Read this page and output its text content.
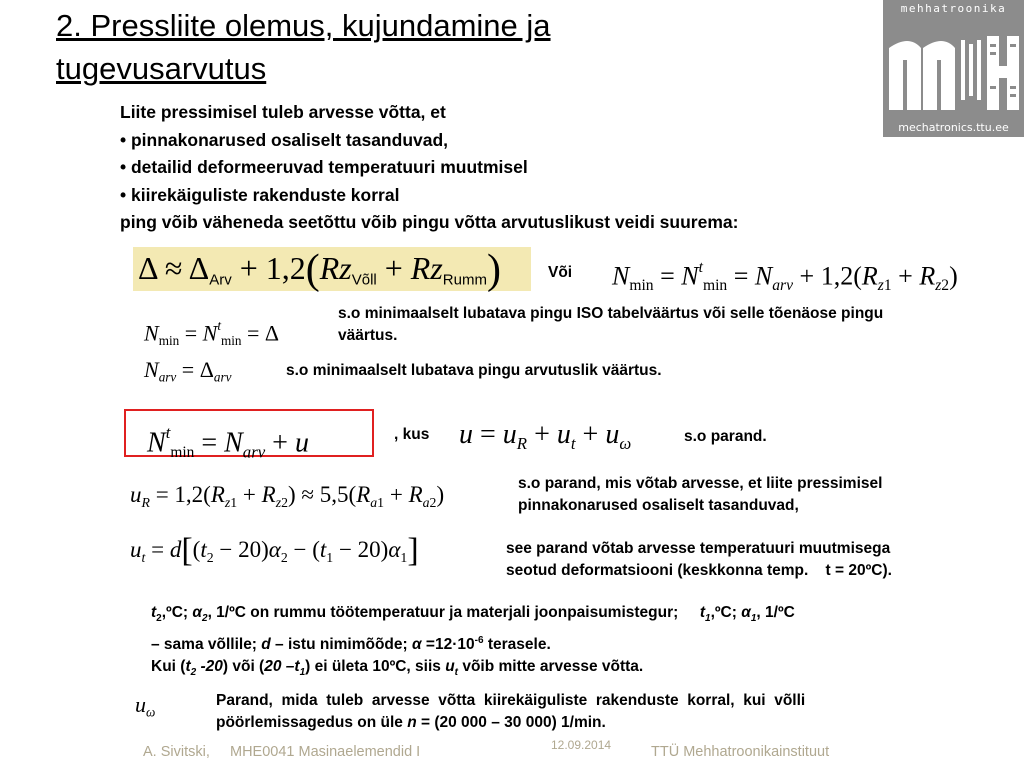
2. Pressliite olemus, kujundamine ja
tugevusarvutus
mehhatroonika
mechatronics.ttu.ee
Liite pressimisel tuleb arvesse võtta, et
• pinnakonarused osaliselt tasanduvad,
• detailid deformeeruvad temperatuuri muutmisel
• kiirekäiguliste rakenduste korral
ping võib väheneda seetõttu võib pingu võtta arvutuslikust veidi suurema:
$\Delta \approx \Delta_{Arv} + 1,2(Rz_{Võll} + Rz_{Rumm})$	Või $N_{min} = N^t_{min} = N_{arv} + 1,2(R_{z1} + R_{z2})$
$N_{min} = N^t_{min} = \Delta$
s.o minimaalselt lubatava pingu ISO tabelväärtus või selle tõenäose pingu väärtus.
$N_{arv} = \Delta_{arv}$	s.o minimaalselt lubatava pingu arvutuslik väärtus.
$N^t_{min} = N_{arv} + u$	, kus $u = u_R + u_t + u_\omega$	s.o parand.
$u_R = 1,2(R_{z1} + R_{z2}) \approx 5,5(R_{a1} + R_{a2})$	s.o parand, mis võtab arvesse, et liite pressimisel pinnakonarused osaliselt tasanduvad,
$u_t = d[(t_2 - 20)\alpha_2 - (t_1 - 20)\alpha_1]$	see parand võtab arvesse temperatuuri muutmisega
seotud deformatsiooni (keskkonna temp.    t = 20ºC).
$t_2,ºC$; $\alpha_2$, 1/ºC on rummu töötemperatuur ja materjali joonpaisumistegur; $t_1,ºC$; $\alpha_1$, 1/ºC
– sama võllile; d – istu nimimõõde; $\alpha =12\cdot 10^{-6}$ terasele.
Kui ($t_2$ -20) või (20 $-t_1$) ei ületa 10ºC, siis $u_t$ võib mitte arvesse võtta.
$u_\omega$
Parand,  mida  tuleb  arvesse  võtta  kiirekäiguliste  rakenduste  korral,  kui  võlli
pöörlemissagedus on üle n = (20 000 – 30 000) 1/min.
A. Sivitski, MHE0041 Masinaelemendid I	12.09.2014	TTÜ Mehhatroonikainstituut
